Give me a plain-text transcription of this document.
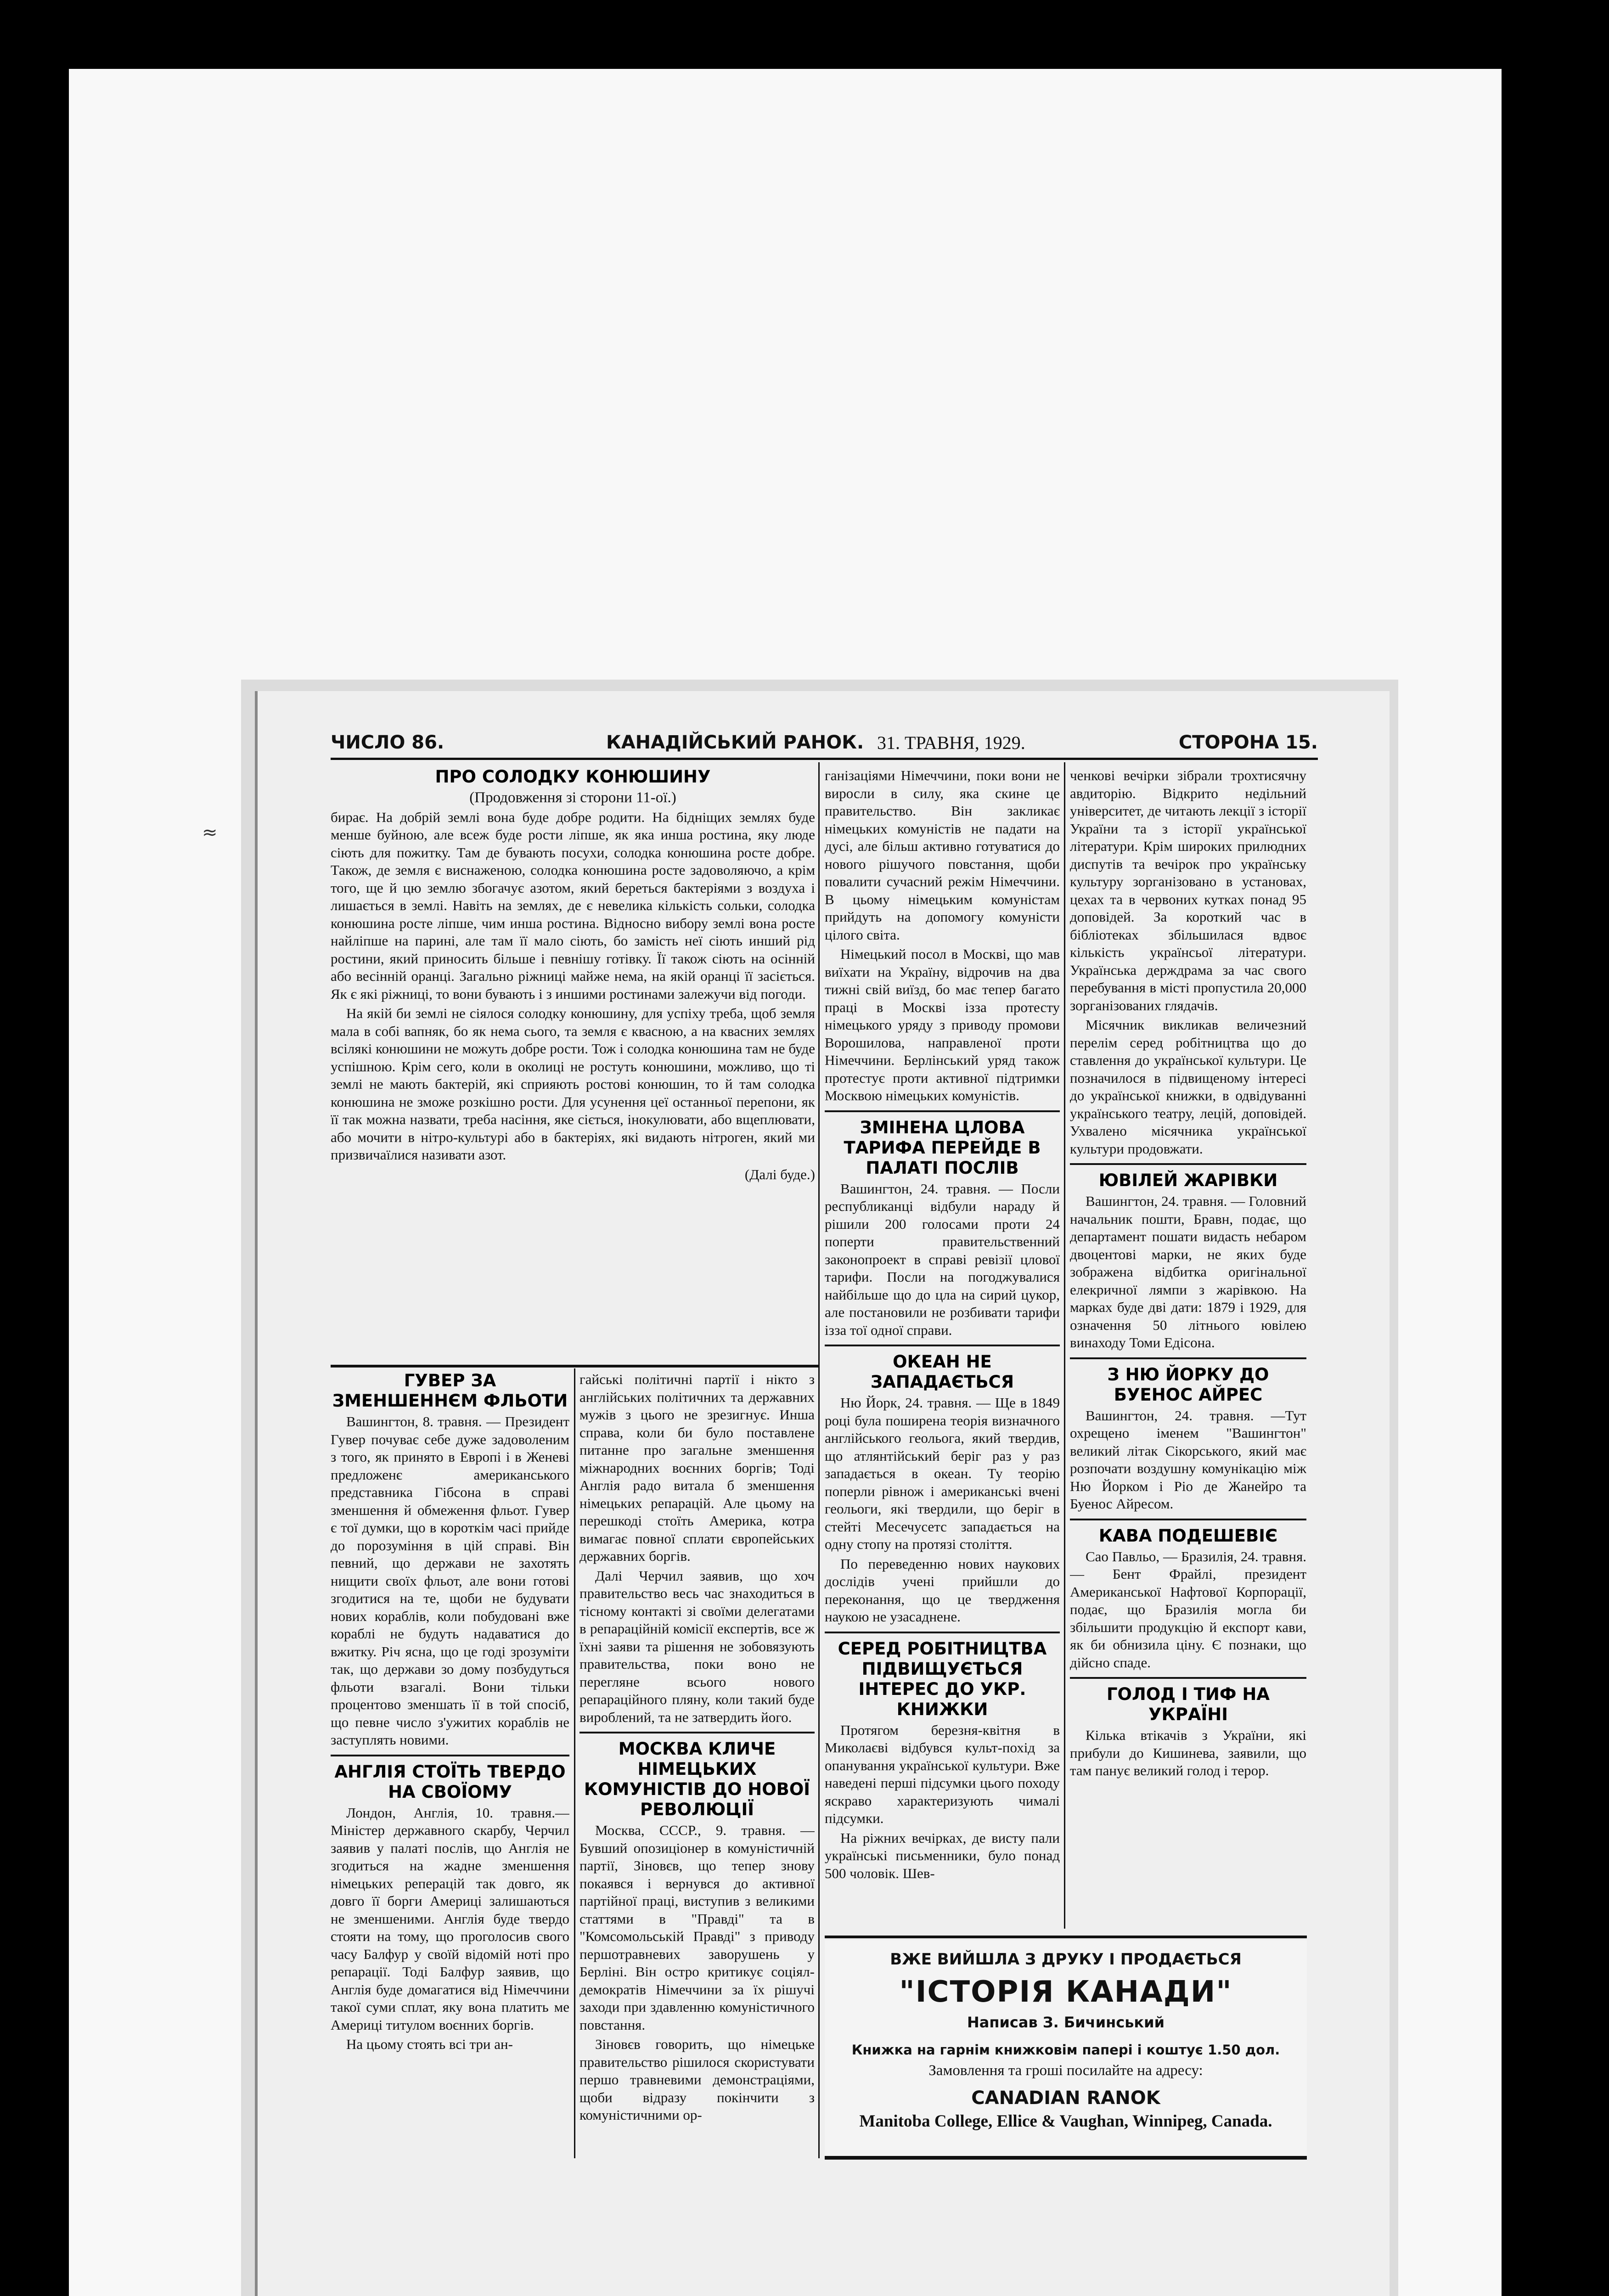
≈
ЧИСЛО 86.	КАНАДІЙСЬКИЙ РАНОК. 31. ТРАВНЯ, 1929.	СТОРОНА 15.

ПРО СОЛОДКУ КОНЮШИНУ

(Продовження зі сторони 11-ої.)

бирає. На добрій землі вона буде добре родити. На бідніщих землях буде менше буйною, але всеж буде рости ліпше, як яка инша ростина, яку люде сіють для пожитку. Там де бувають посухи, солодка конюшина росте добре. Також, де земля є виснаженою, солодка конюшина росте задоволяючо, а крім того, ще й цю землю збогачує азотом, який береться бактеріями з воздуха і лишається в землі. Навіть на землях, де є невелика кількість сольки, солодка конюшина росте ліпше, чим инша ростина. Відносно вибору землі вона росте найліпше на парині, але там її мало сіють, бо замість неї сіють инший рід ростини, який приносить більше і певнішу готівку. Її також сіють на осінній або весінній оранці. Загально ріжниці майже нема, на якій оранці її засіється. Як є які ріжниці, то вони бувають і з иншими ростинами залежучи від погоди.

На якій би землі не сіялося солодку конюшину, для успіху треба, щоб земля мала в собі вапняк, бо як нема сього, та земля є квасною, а на квасних землях всілякі конюшини не можуть добре рости. Тож і солодка конюшина там не буде успішною. Крім сего, коли в околиці не ростуть конюшини, можливо, що ті землі не мають бактерій, які сприяють ростові конюшин, то й там солодка конюшина не зможе розкішно рости. Для усунення цеї останньої перепони, як її так можна назвати, треба насіння, яке сіється, інокулювати, або вщеплювати, або мочити в нітро-культурі або в бактеріях, які видають нітроген, який ми призвичаїлися називати азот.

(Далі буде.)

ГУВЕР ЗА ЗМЕНШЕННЄМ ФЛЬОТИ

Вашингтон, 8. травня. — Президент Гувер почуває себе дуже задоволеним з того, як принято в Европі і в Женеві предложенє американського представника Гібсона в справі зменшення й обмеження фльот. Гувер є тої думки, що в короткім часі прийде до порозуміння в цій справі. Він певний, що держави не захотять нищити своїх фльот, але вони готові згодитися на те, щоби не будувати нових кораблів, коли побудовані вже кораблі не будуть надаватися до вжитку. Річ ясна, що це годі зрозуміти так, що держави зо дому позбудуться фльоти взагалі. Вони тільки процентово зменшать її в той спосіб, що певне число з'ужитих кораблів не заступлять новими.

АНГЛІЯ СТОЇТЬ ТВЕРДО НА СВОЇОМУ

Лондон, Англія, 10. травня.— Міністер державного скарбу, Черчил заявив у палаті послів, що Англія не згодиться на жадне зменшення німецьких реперацій так довго, як довго її борги Америці залишаються не зменшеними. Англія буде твердо стояти на тому, що проголосив свого часу Балфур у своїй відомій ноті про репарації. Тоді Балфур заявив, що Англія буде домагатися від Німеччини такої суми сплат, яку вона платить ме Америці титулом воєнних боргів.

На цьому стоять всі три ан-

гайські політичні партії і нікто з англійських політичних та державних мужів з цього не зрезигнує. Инша справа, коли би було поставлене питанне про загальне зменшення міжнародних воєнних боргів; Тоді Англія радо витала б зменшення німецьких репарацій. Але цьому на перешкоді стоїть Америка, котра вимагає повної сплати європейських державних боргів.

Далі Черчил заявив, що хоч правительство весь час знаходиться в тісному контакті зі своїми делегатами в репараційній комісії експертів, все ж їхні заяви та рішення не зобовязують правительства, поки воно не перегляне всього нового репараційного пляну, коли такий буде вироблений, та не затвердить його.

МОСКВА КЛИЧЕ НІМЕЦЬКИХ КОМУНІСТІВ ДО НОВОЇ РЕВОЛЮЦІЇ

Москва, СССР., 9. травня. — Бувший опозиціонер в комуністичній партії, Зіновєв, що тепер знову покаявся і вернувся до активної партійної праці, виступив з великими статтями в "Правді" та в "Комсомольській Правді" з приводу першотравневих заворушень у Берліні. Він остро критикує соціял-демократів Німеччини за їх рішучі заходи при здавленню комуністичного повстання.

Зіновєв говорить, що німецьке правительство рішилося скористувати першо травневими демонстраціями, щоби відразу покінчити з комуністичними ор-

ганізаціями Німеччини, поки вони не виросли в силу, яка скине це правительство. Він закликає німецьких комуністів не падати на дусі, але більш активно готуватися до нового рішучого повстання, щоби повалити сучасний режім Німеччини. В цьому німецьким комуністам прийдуть на допомогу комуністи цілого світа.

Німецький посол в Москві, що мав виїхати на Україну, відрочив на два тижні свій виїзд, бо має тепер багато праці в Москві ізза протесту німецького уряду з приводу промови Ворошилова, направленої проти Німеччини. Берлінський уряд також протестує проти активної підтримки Москвою німецьких комуністів.

ЗМІНЕНА ЦЛОВА ТАРИФА ПЕРЕЙДЕ В ПАЛАТІ ПОСЛІВ

Вашингтон, 24. травня. — Посли республиканці відбули нараду й рішили 200 голосами проти 24 поперти правительственний законопроект в справі ревізії цлової тарифи. Посли на погоджувалися найбільше що до цла на сирий цукор, але постановили не розбивати тарифи ізза тої одної справи.

ОКЕАН НЕ ЗАПАДАЄТЬСЯ

Ню Йорк, 24. травня. — Ще в 1849 році була поширена теорія визначного англійського геольога, який твердив, що атлянтійський беріг раз у раз западається в океан. Ту теорію поперли рівнож і американські вчені геольоги, які твердили, що беріг в стейті Месечусетс западається на одну стопу на протязі століття.

По переведенню нових наукових дослідів учені прийшли до переконання, що це твердження наукою не узасаднене.

СЕРЕД РОБІТНИЦТВА ПІДВИЩУЄТЬСЯ ІНТЕРЕС ДО УКР. КНИЖКИ

Протягом березня-квітня в Миколаєві відбувся культ-похід за опанування української культури. Вже наведені перші підсумки цього походу яскраво характеризують чималі підсумки.

На ріжних вечірках, де висту пали українські письменники, було понад 500 чоловік. Шев-

ченкові вечірки зібрали трохтисячну авдиторію. Відкрито недільний університет, де читають лекції з історії України та з історії української літератури. Крім широких прилюдних диспутів та вечірок про українську культуру зорганізовано в установах, цехах та в червоних кутках понад 95 доповідей. За короткий час в бібліотеках збільшилася вдвоє кількість українсьої літератури. Українська держдрама за час свого перебування в місті пропустила 20,000 зорганізованих глядачів.

Місячник викликав величезний перелім серед робітництва що до ставлення до української культури. Це позначилося в підвищеному інтересі до української книжки, в одвідуванні українського театру, лецій, доповідей. Ухвалено місячника української культури продовжати.

ЮВІЛЕЙ ЖАРІВКИ

Вашингтон, 24. травня. — Головний начальник пошти, Бравн, подає, що департамент пошати видасть небаром двоцентові марки, не яких буде зображена відбитка оригінальної елекричної лямпи з жарівкою. На марках буде дві дати: 1879 і 1929, для означення 50 літнього ювілею винаходу Томи Едісона.

З НЮ ЙОРКУ ДО БУЕНОС АЙРЕС

Вашингтон, 24. травня. —Тут охрещено іменем "Вашингтон" великий літак Сікорського, який має розпочати воздушну комунікацію між Ню Йорком і Ріо де Жанейро та Буенос Айресом.

КАВА ПОДЕШЕВІЄ

Сао Павльо, — Бразилія, 24. травня. — Бент Фрайлі, президент Американської Нафтової Корпорації, подає, що Бразилія могла би збільшити продукцію й експорт кави, як би обнизила ціну. Є познаки, що дійсно спаде.

ГОЛОД І ТИФ НА УКРАЇНІ

Кілька втікачів з України, які прибули до Кишинева, заявили, що там панує великий голод і терор.

ВЖЕ ВИЙШЛА З ДРУКУ І ПРОДАЄТЬСЯ
"ІСТОРІЯ КАНАДИ"
Написав З. Бичинський
Книжка на гарнім книжковім папері і коштує 1.50 дол.
Замовлення та гроші посилайте на адресу:
CANADIAN RANOK
Manitoba College, Ellice & Vaughan, Winnipeg, Canada.
